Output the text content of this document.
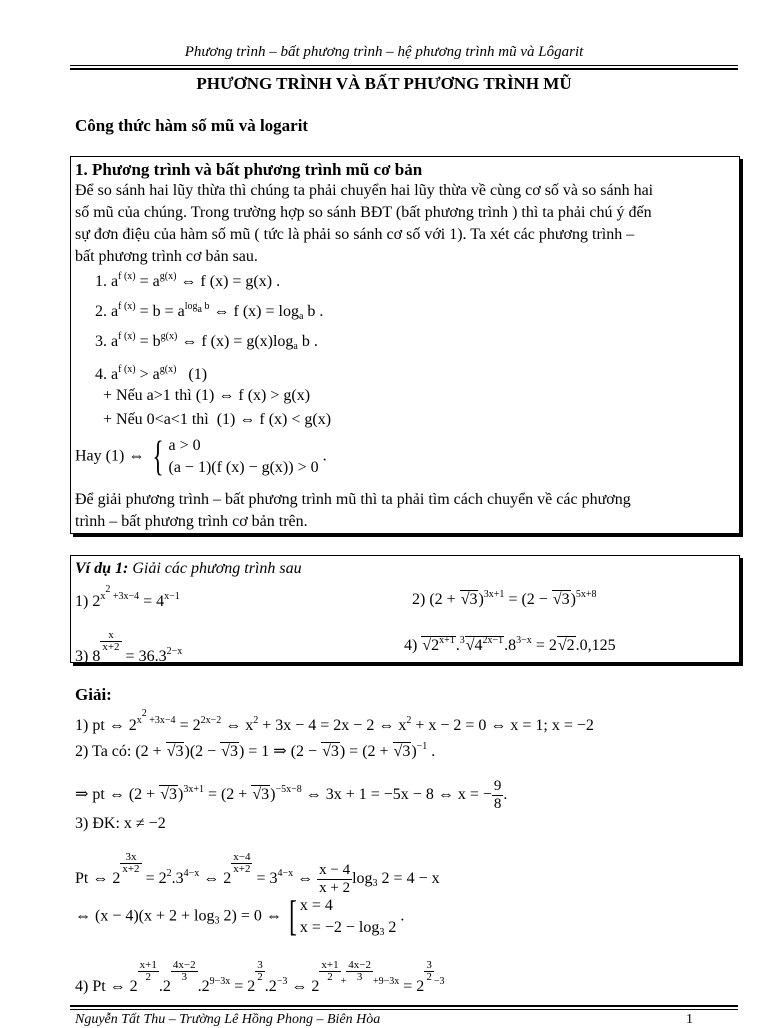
Phương trình – bất phương trình – hệ phương trình mũ và Lôgarit
PHƯƠNG TRÌNH VÀ BẤT PHƯƠNG TRÌNH MŨ
Công thức hàm số mũ và logarit
1. Phương trình và bất phương trình mũ cơ bản
Để so sánh hai lũy thừa thì chúng ta phải chuyển hai lũy thừa về cùng cơ số và so sánh hai
số mũ của chúng. Trong trường hợp so sánh BĐT (bất phương trình ) thì ta phải chú ý đến
sự đơn điệu của hàm số mũ ( tức là phải so sánh cơ số với 1). Ta xét các phương trình –
bất phương trình cơ bản sau.
1. $a^{f (x)} = a^{g(x)}$ ⇔ f (x) = g(x) .
2. $a^{f (x)} = b = a^{log_a b}$ ⇔ f $(x) = \log_a b$ .
3. $a^{f (x)} = b^{g(x)}$ ⇔ f $(x) = g(x)\log_a$ b .
4. $a^{f (x)} > a^{g(x)}$   (1)
+ Nếu a>1 thì (1) ⇔ f (x) > g(x)
+ Nếu 0<a<1 thì  (1) ⇔ f (x) < g(x)
Hay (1) ⇔ { a > 0
(a − 1)(f (x) − g(x)) > 0 .
Để giải phương trình – bất phương trình mũ thì ta phải tìm cách chuyển về các phương
trình – bất phương trình cơ bản trên.
Ví dụ 1: Giải các phương trình sau
1) $2^{x^2 +3x-4} = 4^{x-1}$	2) $(2 + √3)^{3x+1} = (2 - √3)^{5x+8}$
3) 8
$^{\frac{x}{x+2}}$
= $36.3^{2-x}$	4) $√2^{x+1}.^3√4^{2x-1}.8^{3-x} = 2√2.0,125$
Giải:
1) pt ⇔ $2^{x^2 +3x-4} = 2^{2x-2}$ ⇔ $x^2 + 3x - 4 = 2x - 2$ ⇔ $x^2 + x - 2 = 0$ ⇔ x = 1; x = −2
2) Ta có: (2 + √3)(2 − √3) = 1 ⇒ $(2 - √3) = (2 + √3)^{-1}$ .
⇒ pt ⇔ $(2 + √3)^{3x+1} = (2 + √3)^{-5x-8}$ ⇔ 3x + 1 = −5x − 8 ⇔ x = − $\frac{9}{8}$ .
3) ĐK: x ≠ −2
Pt ⇔ 2
$^{\frac{3x}{x+2}}$
= $2^2.3^{4-x}$ ⇔ 2
$^{\frac{x-4}{x+2}}$
= $3^{4-x}$ ⇔ $\frac{x - 4}{x + 2} \log_3 2 = 4 - x$
⇔ $(x - 4)(x + 2 + \log_3 2) = 0$ ⇔ [ x = 4
$x = -2 - \log_3 2$ .
4) Pt ⇔ 2
$^{\frac{x+1}{2}}$
.2
$^{\frac{4x-2}{3}}$
$.2^{9-3x} = 2$
$^{\frac{3}{2}}$
$.2^{-3}$ ⇔ 2
$^{\frac{x+1}{2} + \frac{4x-2}{3} +9-3x}$ = 2
$^{\frac{3}{2} -3}$
Nguyễn Tất Thu – Trường Lê Hồng Phong – Biên Hòa	1
